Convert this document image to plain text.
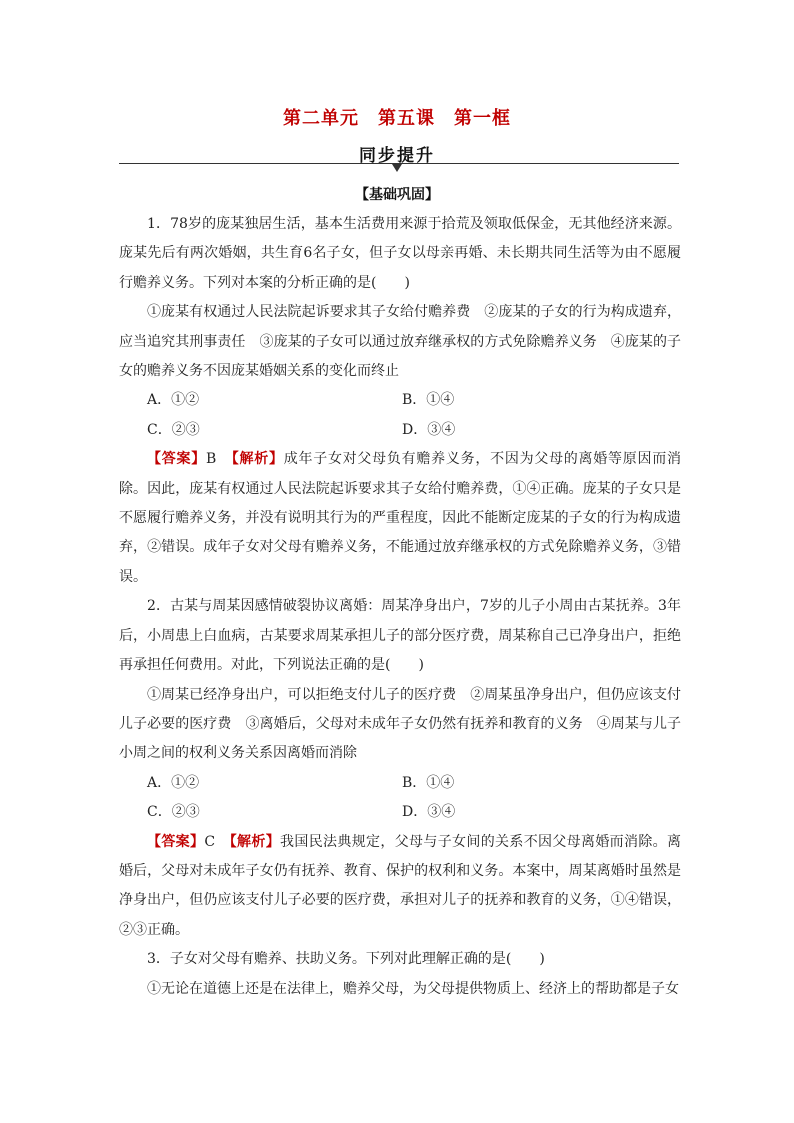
第二单元　第五课　第一框
同步提升
【基础巩固】

1．78岁的庞某独居生活，基本生活费用来源于拾荒及领取低保金，无其他经济来源。庞某先后有两次婚姻，共生育6名子女，但子女以母亲再婚、未长期共同生活等为由不愿履行赡养义务。下列对本案的分析正确的是(　　)

①庞某有权通过人民法院起诉要求其子女给付赡养费　②庞某的子女的行为构成遗弃，应当追究其刑事责任　③庞某的子女可以通过放弃继承权的方式免除赡养义务　④庞某的子女的赡养义务不因庞某婚姻关系的变化而终止

A．①②	B．①④
C．②③	D．③④

【答案】B　 【解析】成年子女对父母负有赡养义务，不因为父母的离婚等原因而消除。因此，庞某有权通过人民法院起诉要求其子女给付赡养费，①④正确。庞某的子女只是不愿履行赡养义务，并没有说明其行为的严重程度，因此不能断定庞某的子女的行为构成遗弃，②错误。成年子女对父母有赡养义务，不能通过放弃继承权的方式免除赡养义务，③错误。

2．古某与周某因感情破裂协议离婚：周某净身出户，7岁的儿子小周由古某抚养。3年后，小周患上白血病，古某要求周某承担儿子的部分医疗费，周某称自己已净身出户，拒绝再承担任何费用。对此，下列说法正确的是(　　)

①周某已经净身出户，可以拒绝支付儿子的医疗费　②周某虽净身出户，但仍应该支付儿子必要的医疗费　③离婚后，父母对未成年子女仍然有抚养和教育的义务　④周某与儿子小周之间的权利义务关系因离婚而消除

A．①②	B．①④
C．②③	D．③④

【答案】C　 【解析】我国民法典规定，父母与子女间的关系不因父母离婚而消除。离婚后，父母对未成年子女仍有抚养、教育、保护的权利和义务。本案中，周某离婚时虽然是净身出户，但仍应该支付儿子必要的医疗费，承担对儿子的抚养和教育的义务，①④错误，②③正确。

3．子女对父母有赡养、扶助义务。下列对此理解正确的是(　　)

①无论在道德上还是在法律上，赡养父母，为父母提供物质上、经济上的帮助都是子女
